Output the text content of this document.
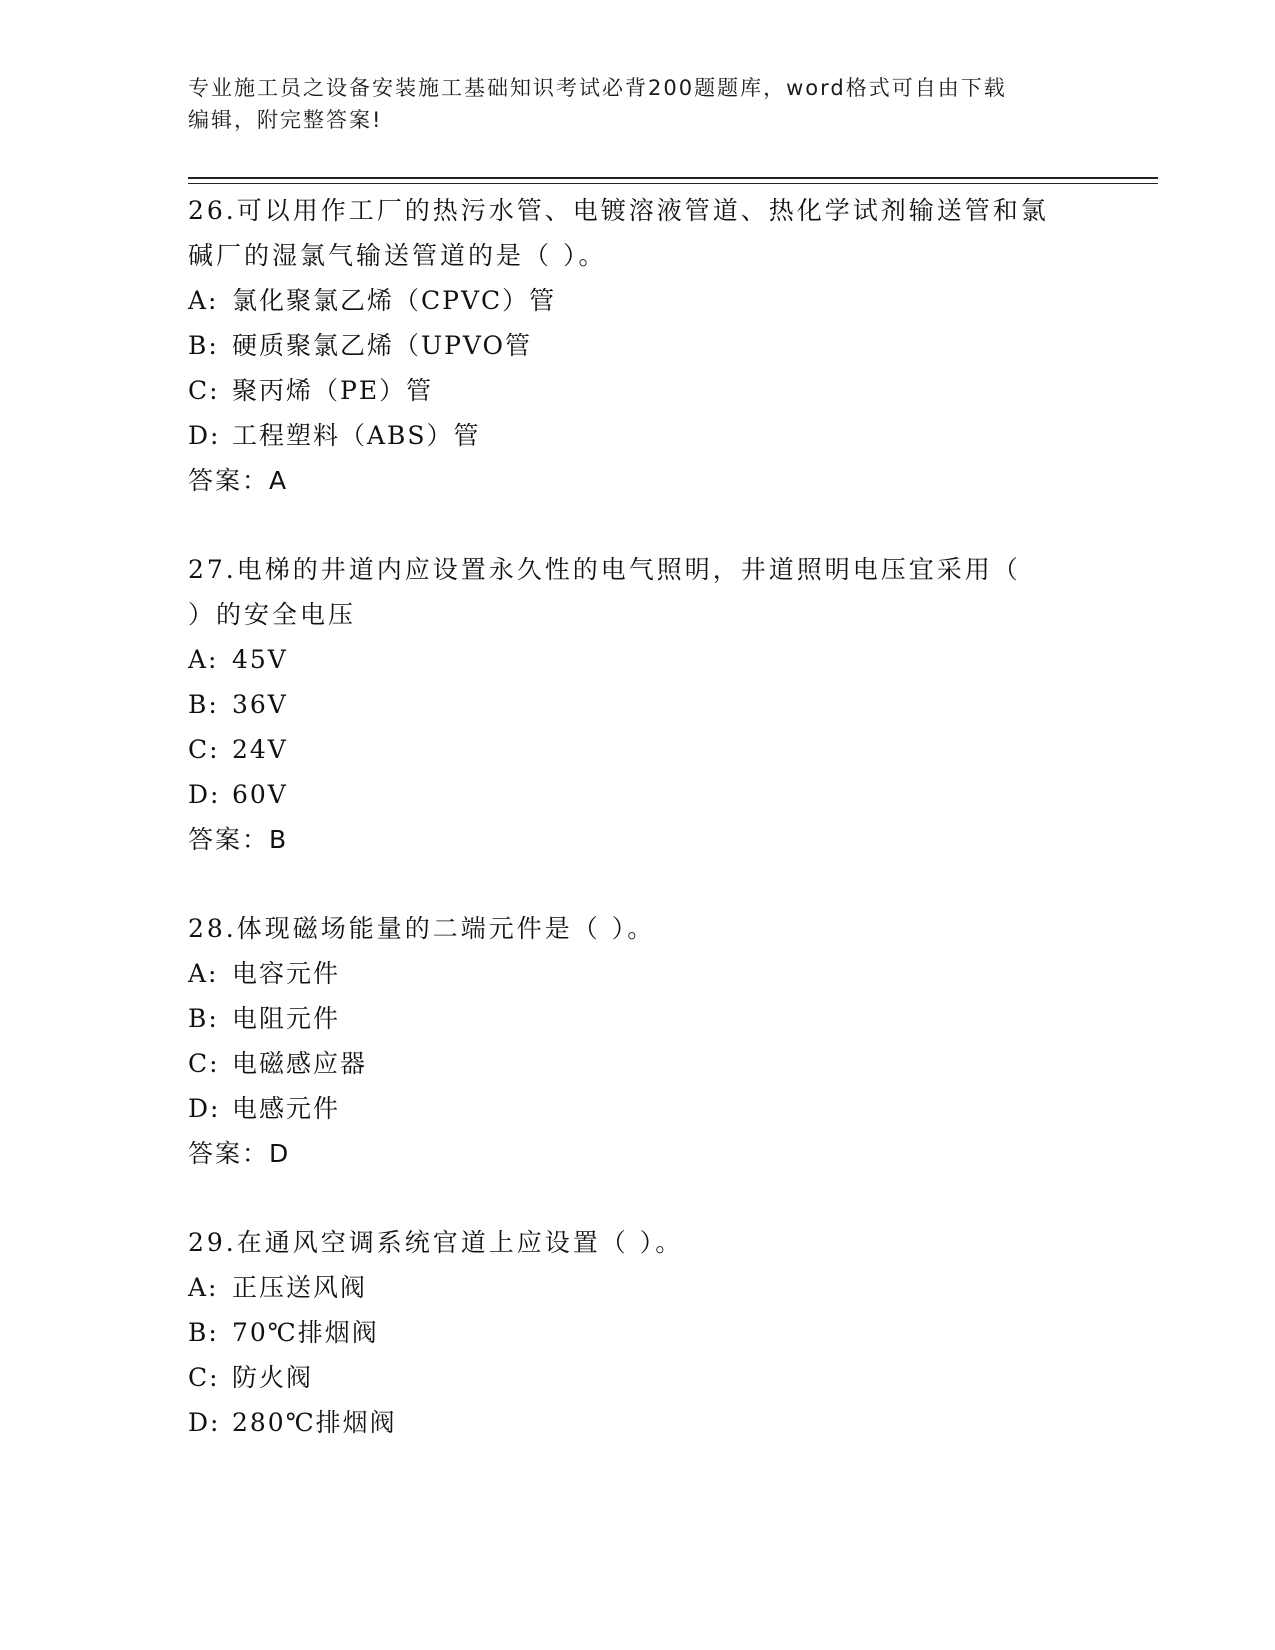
专业施工员之设备安装施工基础知识考试必背200题题库，word格式可自由下载
编辑，附完整答案!

26.可以用作工厂的热污水管、电镀溶液管道、热化学试剂输送管和氯

碱厂的湿氯气输送管道的是（ ）。

A: 氯化聚氯乙烯（CPVC）管

B: 硬质聚氯乙烯（UPVO管

C: 聚丙烯（PE）管

D: 工程塑料（ABS）管

答案：A

27.电梯的井道内应设置永久性的电气照明，井道照明电压宜采用（

）的安全电压

A: 45V

B: 36V

C: 24V

D: 60V

答案：B

28.体现磁场能量的二端元件是（ ）。

A: 电容元件

B: 电阻元件

C: 电磁感应器

D: 电感元件

答案：D

29.在通风空调系统官道上应设置（ ）。

A: 正压送风阀

B: 70℃排烟阀

C: 防火阀

D: 280℃排烟阀
